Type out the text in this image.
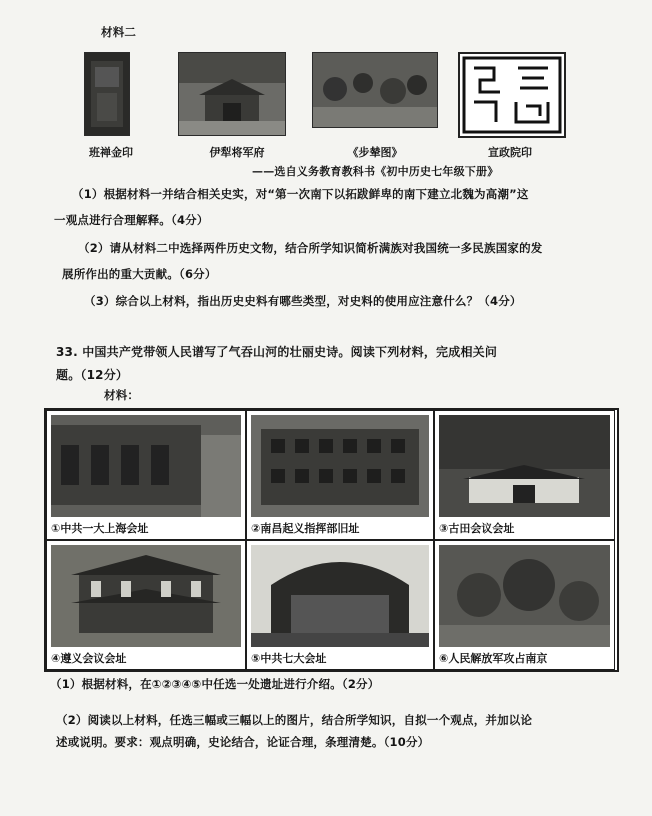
材料二
班禅金印	伊犁将军府	《步辇图》	宣政院印
——选自义务教育教科书《初中历史七年级下册》
（1）根据材料一并结合相关史实，对“第一次南下以拓跋鲜卑的南下建立北魏为高潮”这
一观点进行合理解释。（4分）
（2）请从材料二中选择两件历史文物，结合所学知识简析满族对我国统一多民族国家的发
展所作出的重大贡献。（6分）
（3）综合以上材料，指出历史史料有哪些类型，对史料的使用应注意什么？（4分）
33. 中国共产党带领人民谱写了气吞山河的壮丽史诗。阅读下列材料，完成相关问
题。（12分）
材料：
①中共一大上海会址	②南昌起义指挥部旧址	③古田会议会址
④遵义会议会址	⑤中共七大会址	⑥人民解放军攻占南京
（1）根据材料，在①②③④⑤中任选一处遗址进行介绍。（2分）
（2）阅读以上材料，任选三幅或三幅以上的图片，结合所学知识，自拟一个观点，并加以论
述或说明。要求：观点明确，史论结合，论证合理，条理清楚。（10分）
